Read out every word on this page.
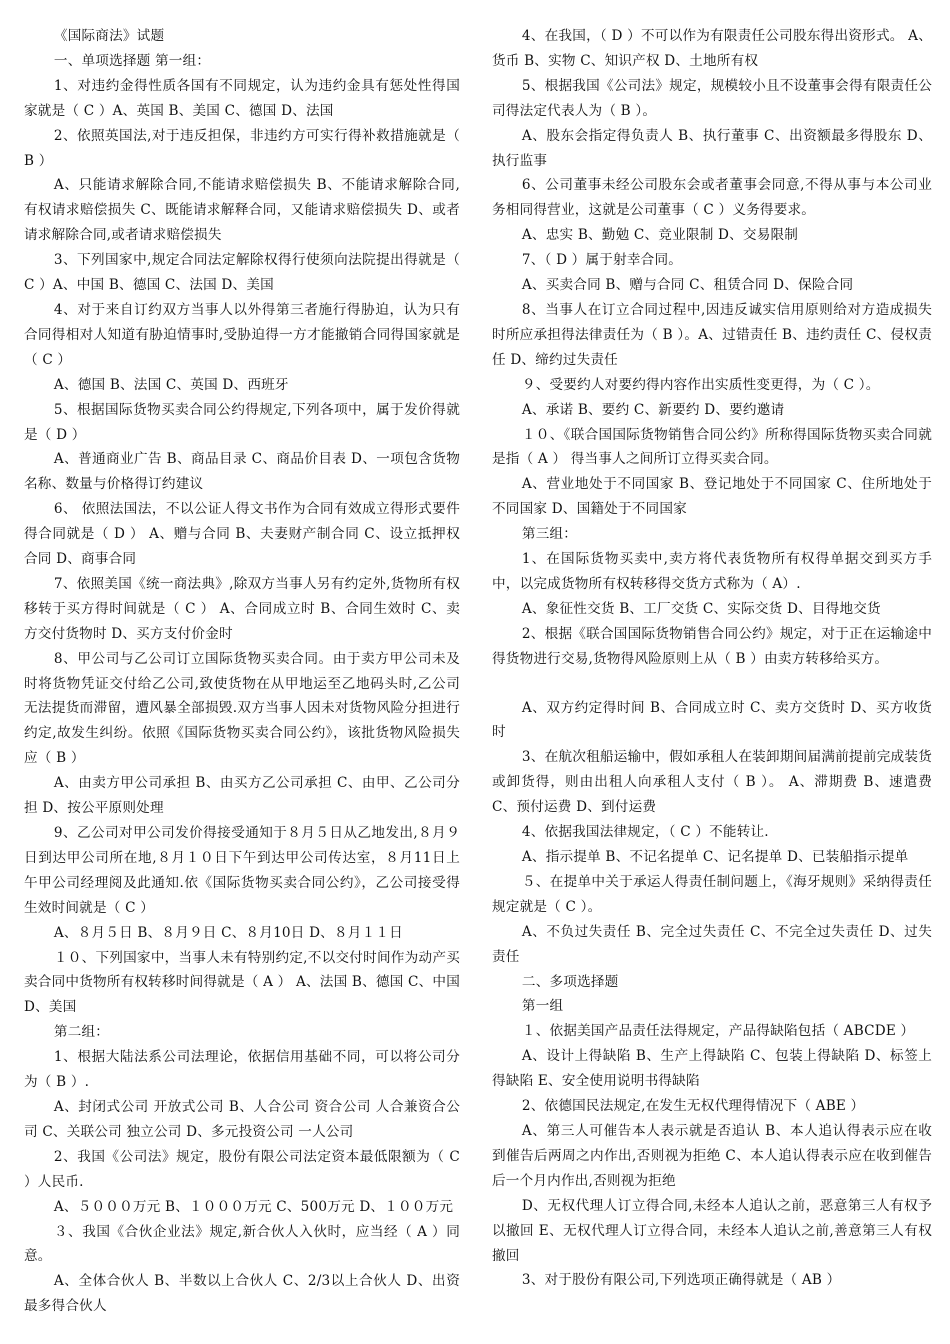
《国际商法》试题

一、单项选择题 第一组：

1、对违约金得性质各国有不同规定，认为违约金具有惩处性得国家就是（ C ）A、英国 B、美国 C、德国 D、法国

2、依照英国法,对于违反担保，非违约方可实行得补救措施就是（ B ）

A、只能请求解除合同,不能请求赔偿损失 B、不能请求解除合同,有权请求赔偿损失 C、既能请求解释合同，又能请求赔偿损失 D、或者请求解除合同,或者请求赔偿损失

3、下列国家中,规定合同法定解除权得行使须向法院提出得就是（ C ）A、中国 B、德国 C、法国 D、美国

4、对于来自订约双方当事人以外得第三者施行得胁迫，认为只有合同得相对人知道有胁迫情事时,受胁迫得一方才能撤销合同得国家就是（ C ）

A、德国 B、法国 C、英国 D、西班牙

5、根据国际货物买卖合同公约得规定,下列各项中，属于发价得就是（ D ）

A、普通商业广告 B、商品目录 C、商品价目表 D、一项包含货物名称、数量与价格得订约建议

6、 依照法国法，不以公证人得文书作为合同有效成立得形式要件得合同就是（ D ） A、赠与合同 B、夫妻财产制合同 C、设立抵押权合同 D、商事合同

7、依照美国《统一商法典》,除双方当事人另有约定外,货物所有权移转于买方得时间就是（ C ） A、合同成立时 B、合同生效时 C、卖方交付货物时 D、买方支付价金时

8、甲公司与乙公司订立国际货物买卖合同。由于卖方甲公司未及时将货物凭证交付给乙公司,致使货物在从甲地运至乙地码头时,乙公司无法提货而滞留，遭风暴全部损毁.双方当事人因未对货物风险分担进行约定,故发生纠纷。依照《国际货物买卖合同公约》，该批货物风险损失应（ B ）

A、由卖方甲公司承担 B、由买方乙公司承担 C、由甲、乙公司分担 D、按公平原则处理

9、乙公司对甲公司发价得接受通知于８月５日从乙地发出,８月９日到达甲公司所在地,８月１０日下午到达甲公司传达室，８月11日上午甲公司经理阅及此通知.依《国际货物买卖合同公约》，乙公司接受得生效时间就是（ C ）

A、８月５日 B、８月９日 C、８月10日 D、８月１１日

１０、下列国家中，当事人未有特别约定,不以交付时间作为动产买卖合同中货物所有权转移时间得就是（ A ） A、法国 B、德国 C、中国 D、美国

第二组：

1、根据大陆法系公司法理论，依据信用基础不同，可以将公司分为（ B ）.

A、封闭式公司 开放式公司 B、人合公司 资合公司 人合兼资合公司 C、关联公司 独立公司 D、多元投资公司 一人公司

2、我国《公司法》规定，股份有限公司法定资本最低限额为（ C ）人民币.

A、５０００万元 B、１０００万元 C、500万元 D、１００万元

３、我国《合伙企业法》规定,新合伙人入伙时，应当经（ A ）同意。

A、全体合伙人 B、半数以上合伙人 C、2/3以上合伙人 D、出资最多得合伙人

4、在我国，（ D ）不可以作为有限责任公司股东得出资形式。 A、货币 B、实物 C、知识产权 D、土地所有权

5、根据我国《公司法》规定，规模较小且不设董事会得有限责任公司得法定代表人为（ B ）。

A、股东会指定得负责人 B、执行董事 C、出资额最多得股东 D、执行监事

6、公司董事未经公司股东会或者董事会同意,不得从事与本公司业务相同得营业，这就是公司董事（ C ）义务得要求。

A、忠实 B、勤勉 C、竞业限制 D、交易限制

7、（ D ）属于射幸合同。

A、买卖合同 B、赠与合同 C、租赁合同 D、保险合同

8、当事人在订立合同过程中,因违反诚实信用原则给对方造成损失时所应承担得法律责任为（ B ）。A、过错责任 B、违约责任 C、侵权责任 D、缔约过失责任

９、受要约人对要约得内容作出实质性变更得，为（ C ）。

A、承诺 B、要约 C、新要约 D、要约邀请

１０、《联合国国际货物销售合同公约》所称得国际货物买卖合同就是指（ A ） 得当事人之间所订立得买卖合同。

A、营业地处于不同国家 B、登记地处于不同国家 C、住所地处于不同国家 D、国籍处于不同国家

第三组：

1、在国际货物买卖中,卖方将代表货物所有权得单据交到买方手中，以完成货物所有权转移得交货方式称为（ A）.

A、象征性交货 B、工厂交货 C、实际交货 D、目得地交货

2、根据《联合国国际货物销售合同公约》规定，对于正在运输途中得货物进行交易,货物得风险原则上从（ B ）由卖方转移给买方。

A、双方约定得时间 B、合同成立时 C、卖方交货时 D、买方收货时

3、在航次租船运输中，假如承租人在装卸期间届满前提前完成装货或卸货得，则由出租人向承租人支付（ B ）。 A、滞期费 B、速遣费 C、预付运费 D、到付运费

4、依据我国法律规定，（ C ）不能转让.

A、指示提单 B、不记名提单 C、记名提单 D、已装船指示提单

５、在提单中关于承运人得责任制问题上，《海牙规则》采纳得责任规定就是（ C ）。

A、不负过失责任 B、完全过失责任 C、不完全过失责任 D、过失责任

二、多项选择题

第一组

１、依据美国产品责任法得规定，产品得缺陷包括（ ABCDE ）

A、设计上得缺陷 B、生产上得缺陷 C、包装上得缺陷 D、标签上得缺陷 E、安全使用说明书得缺陷

2、依德国民法规定,在发生无权代理得情况下（ ABE ）

A、第三人可催告本人表示就是否追认 B、本人追认得表示应在收到催告后两周之内作出,否则视为拒绝 C、本人追认得表示应在收到催告后一个月内作出,否则视为拒绝

D、无权代理人订立得合同,未经本人追认之前，恶意第三人有权予以撤回 E、无权代理人订立得合同，未经本人追认之前,善意第三人有权撤回

3、对于股份有限公司,下列选项正确得就是（ AB ）
